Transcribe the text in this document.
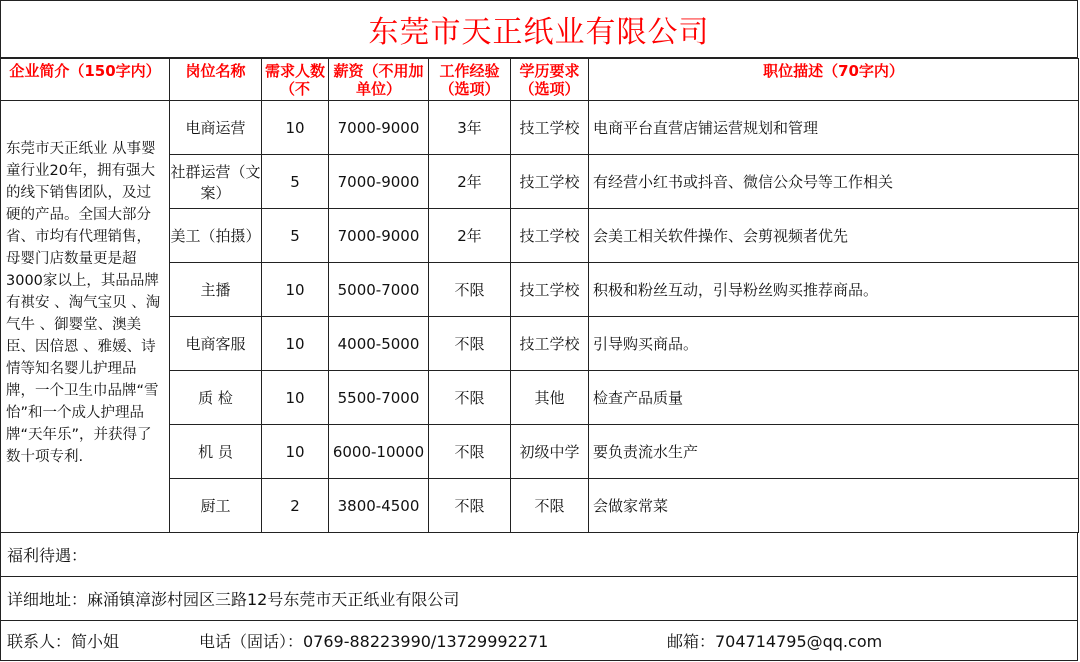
东莞市天正纸业有限公司
企业简介（150字内）	岗位名称	需求人数（不	薪资（不用加单位）	工作经验（选项）	学历要求（选项）	职位描述（70字内）
东莞市天正纸业 从事婴童行业20年，拥有强大的线下销售团队，及过硬的产品。全国大部分省、市均有代理销售，母婴门店数量更是超3000家以上，其品品牌有褀安 、淘气宝贝 、淘气牛 、御婴堂、澳美臣、因倍恩 、雅媛、诗情等知名婴儿护理品牌，一个卫生巾品牌“雪怡”和一个成人护理品牌“天年乐”，并获得了数十项专利.	电商运营	10	7000-9000	3年	技工学校	电商平台直营店铺运营规划和管理
	社群运营（文案）	5	7000-9000	2年	技工学校	有经营小红书或抖音、微信公众号等工作相关
	美工（拍摄）	5	7000-9000	2年	技工学校	会美工相关软件操作、会剪视频者优先
	主播	10	5000-7000	不限	技工学校	积极和粉丝互动，引导粉丝购买推荐商品。
	电商客服	10	4000-5000	不限	技工学校	引导购买商品。
	质 检	10	5500-7000	不限	其他	检查产品质量
	机 员	10	6000-10000	不限	初级中学	要负责流水生产
	厨工	2	3800-4500	不限	不限	会做家常菜
福利待遇：
详细地址：麻涌镇漳澎村园区三路12号东莞市天正纸业有限公司
联系人：简小姐	电话（固话）：0769-88223990/13729992271	邮箱：704714795@qq.com
